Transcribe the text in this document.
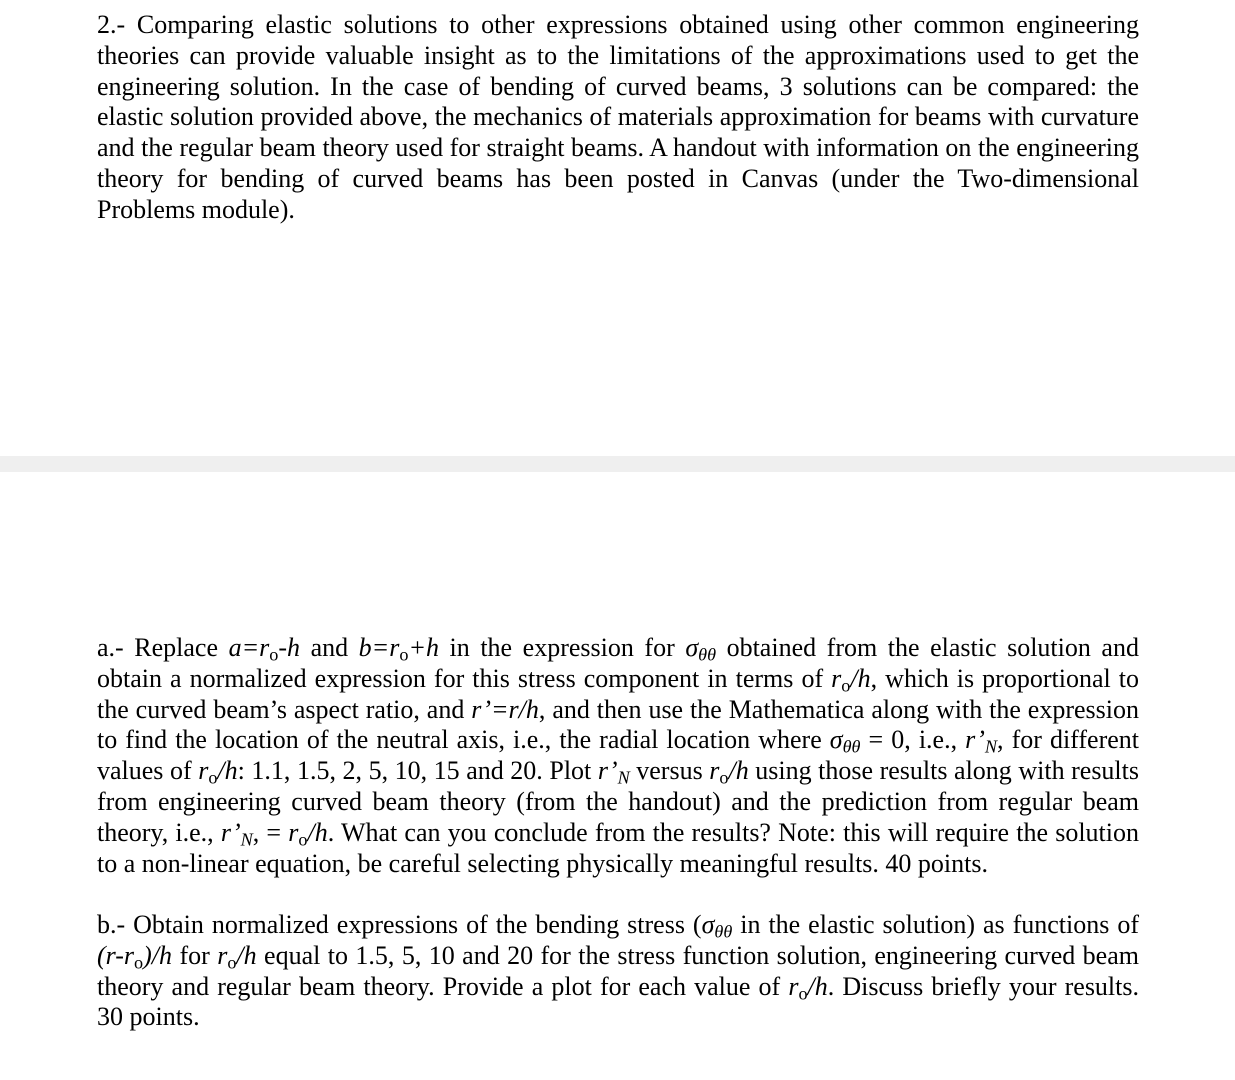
2.- Comparing elastic solutions to other expressions obtained using other common engineering theories can provide valuable insight as to the limitations of the approximations used to get the engineering solution. In the case of bending of curved beams, 3 solutions can be compared: the elastic solution provided above, the mechanics of materials approximation for beams with curvature and the regular beam theory used for straight beams. A handout with information on the engineering theory for bending of curved beams has been posted in Canvas (under the Two-dimensional Problems module).

a.- Replace $a=r_o-h$ and $b=r_o+h$ in the expression for σθθ obtained from the elastic solution and obtain a normalized expression for this stress component in terms of $r_o/h$, which is proportional to the curved beam’s aspect ratio, and r’=r/h, and then use the Mathematica along with the expression to find the location of the neutral axis, i.e., the radial location where σθθ = 0, i.e., $r’_N$, for different values of $r_o/h$: 1.1, 1.5, 2, 5, 10, 15 and 20. Plot $r’_N$ versus $r_o/h$ using those results along with results from engineering curved beam theory (from the handout) and the prediction from regular beam theory, i.e., $r’_N$, = $r_o/h$. What can you conclude from the results? Note: this will require the solution to a non-linear equation, be careful selecting physically meaningful results. 40 points.

b.- Obtain normalized expressions of the bending stress (σθθ in the elastic solution) as functions of $(r-r_o)/h$ for $r_o/h$ equal to 1.5, 5, 10 and 20 for the stress function solution, engineering curved beam theory and regular beam theory. Provide a plot for each value of $r_o/h$. Discuss briefly your results. 30 points.
